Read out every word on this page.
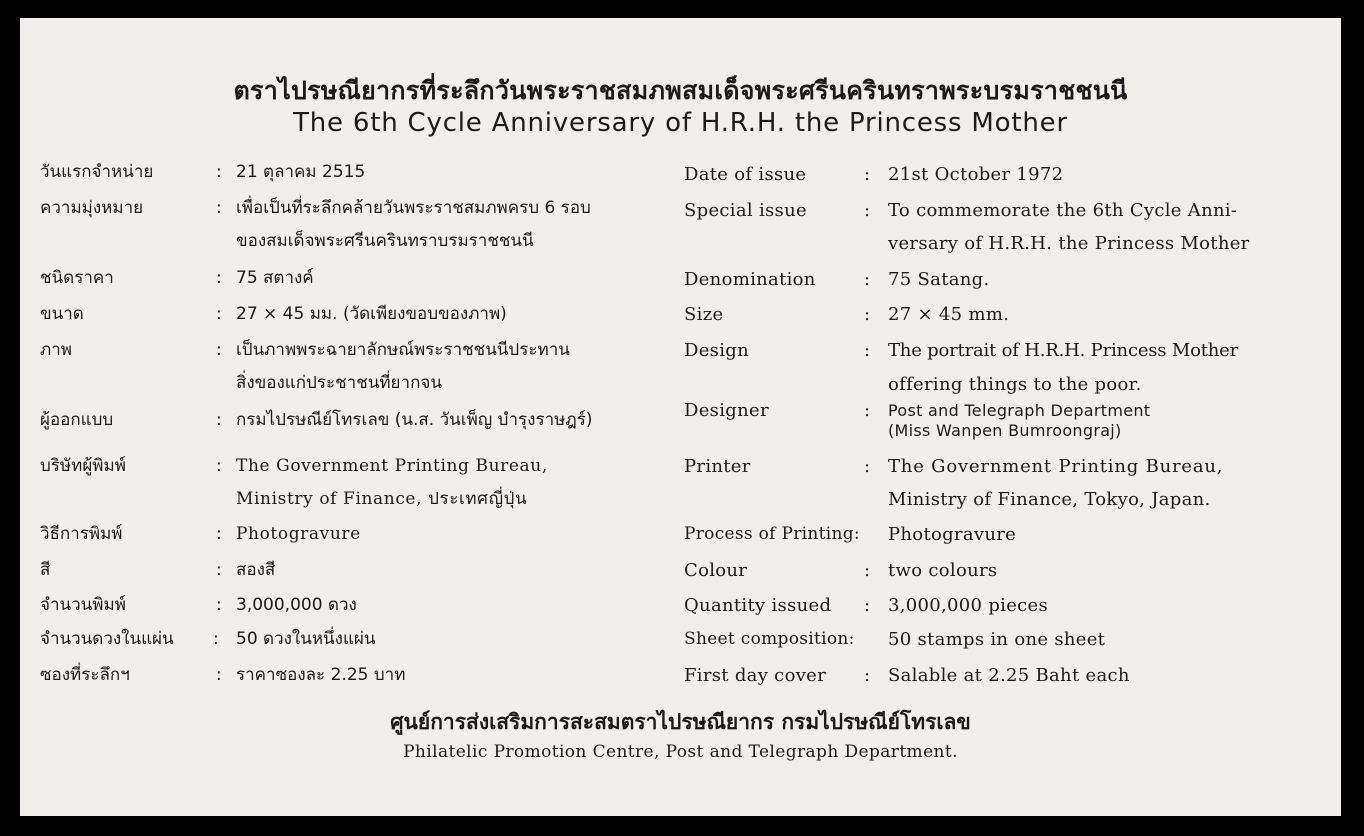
ตราไปรษณียากรที่ระลึกวันพระราชสมภพสมเด็จพระศรีนครินทราพระบรมราชชนนี
The 6th Cycle Anniversary of H.R.H. the Princess Mother
วันแรกจำหน่าย	: 21 ตุลาคม 2515
ความมุ่งหมาย	: เพื่อเป็นที่ระลึกคล้ายวันพระราชสมภพครบ 6 รอบ
ของสมเด็จพระศรีนครินทราบรมราชชนนี
ชนิดราคา	: 75 สตางค์
ขนาด	: 27 × 45 มม. (วัดเพียงขอบของภาพ)
ภาพ	: เป็นภาพพระฉายาลักษณ์พระราชชนนีประทาน
สิ่งของแก่ประชาชนที่ยากจน
ผู้ออกแบบ	: กรมไปรษณีย์โทรเลข (น.ส. วันเพ็ญ บำรุงราษฎร์)
บริษัทผู้พิมพ์	: The Government Printing Bureau,
Ministry of Finance, ประเทศญี่ปุ่น
วิธีการพิมพ์	: Photogravure
สี	: สองสี
จำนวนพิมพ์	: 3,000,000 ดวง
จำนวนดวงในแผ่น : 50 ดวงในหนึ่งแผ่น
ซองที่ระลึกฯ	: ราคาซองละ 2.25 บาท
Date of issue	: 21st October 1972
Special issue	: To commemorate the 6th Cycle Anni-
versary of H.R.H. the Princess Mother
Denomination	: 75 Satang.
Size	: 27 × 45 mm.
Design	: The portrait of H.R.H. Princess Mother
offering things to the poor.
Designer	: Post and Telegraph Department
(Miss Wanpen Bumroongraj)
Printer	: The Government Printing Bureau,
Ministry of Finance, Tokyo, Japan.
Process of Printing: Photogravure
Colour	: two colours
Quantity issued : 3,000,000 pieces
Sheet composition: 50 stamps in one sheet
First day cover : Salable at 2.25 Baht each
ศูนย์การส่งเสริมการสะสมตราไปรษณียากร กรมไปรษณีย์โทรเลข
Philatelic Promotion Centre, Post and Telegraph Department.
